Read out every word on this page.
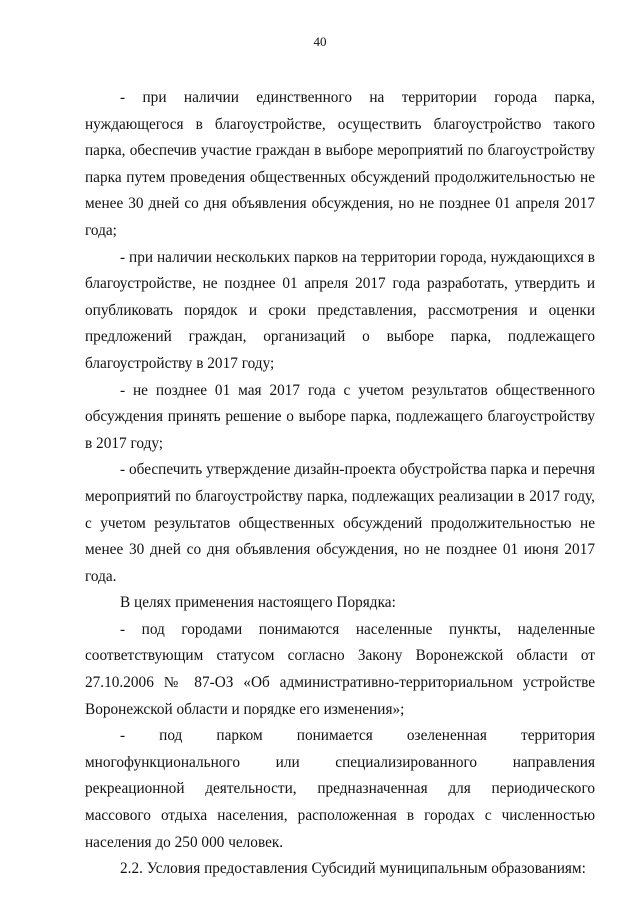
40

- при наличии единственного на территории города парка, нуждающегося в благоустройстве, осуществить благоустройство такого парка, обеспечив участие граждан в выборе мероприятий по благоустройству парка путем проведения общественных обсуждений продолжительностью не менее 30 дней со дня объявления обсуждения, но не позднее 01 апреля 2017 года;

- при наличии нескольких парков на территории города, нуждающихся в благоустройстве, не позднее 01 апреля 2017 года разработать, утвердить и опубликовать порядок и сроки представления, рассмотрения и оценки предложений граждан, организаций о выборе парка, подлежащего благоустройству в 2017 году;

- не позднее 01 мая 2017 года с учетом результатов общественного обсуждения принять решение о выборе парка, подлежащего благоустройству в 2017 году;

- обеспечить утверждение дизайн-проекта обустройства парка и перечня мероприятий по благоустройству парка, подлежащих реализации в 2017 году, с учетом результатов общественных обсуждений продолжительностью не менее 30 дней со дня объявления обсуждения, но не позднее 01 июня 2017 года.

В целях применения настоящего Порядка:

- под городами понимаются населенные пункты, наделенные соответствующим статусом согласно Закону Воронежской области от 27.10.2006 № 87-ОЗ «Об административно-территориальном устройстве Воронежской области и порядке его изменения»;

- под парком понимается озелененная территория многофункционального или специализированного направления рекреационной деятельности, предназначенная для периодического массового отдыха населения, расположенная в городах с численностью населения до 250 000 человек.

2.2. Условия предоставления Субсидий муниципальным образованиям:
